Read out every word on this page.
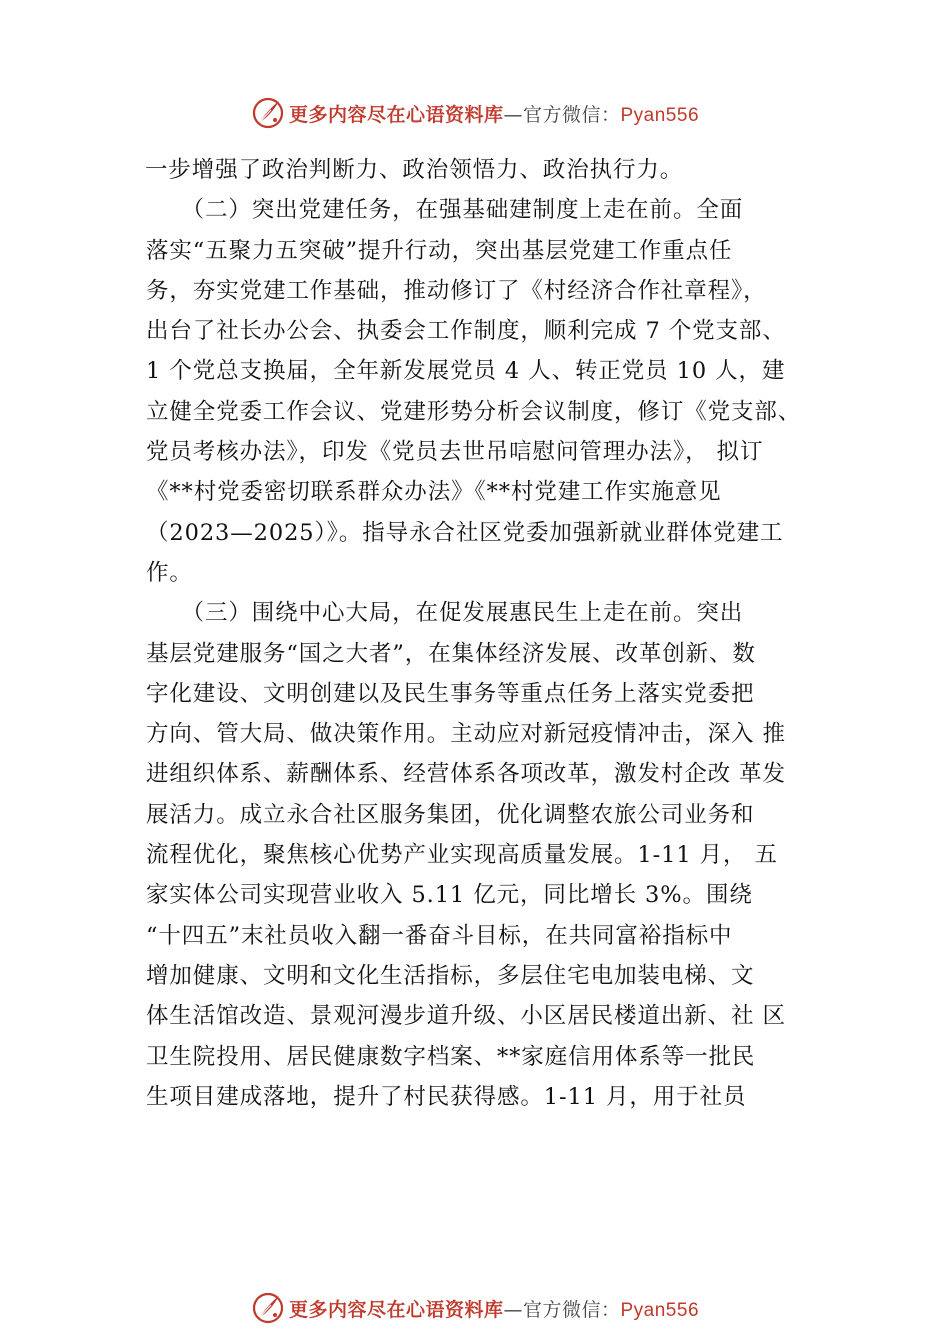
更多内容尽在心语资料库—官方微信：Pyan556
一步增强了政治判断力、政治领悟力、政治执行力。
　　（二）突出党建任务，在强基础建制度上走在前。全面
落实“五聚力五突破”提升行动，突出基层党建工作重点任
务，夯实党建工作基础，推动修订了《村经济合作社章程》，
出台了社长办公会、执委会工作制度，顺利完成 7 个党支部、
1 个党总支换届，全年新发展党员 4 人、转正党员 10 人，建
立健全党委工作会议、党建形势分析会议制度，修订《党支部、
党员考核办法》，印发《党员去世吊唁慰问管理办法》， 拟订
《**村党委密切联系群众办法》《**村党建工作实施意见
（2023—2025）》。指导永合社区党委加强新就业群体党建工
作。
　　（三）围绕中心大局，在促发展惠民生上走在前。突出
基层党建服务“国之大者”，在集体经济发展、改革创新、数
字化建设、文明创建以及民生事务等重点任务上落实党委把
方向、管大局、做决策作用。主动应对新冠疫情冲击，深入 推
进组织体系、薪酬体系、经营体系各项改革，激发村企改 革发
展活力。成立永合社区服务集团，优化调整农旅公司业务和
流程优化，聚焦核心优势产业实现高质量发展。1-11 月， 五
家实体公司实现营业收入 5.11 亿元，同比增长 3%。围绕
“十四五”末社员收入翻一番奋斗目标，在共同富裕指标中
增加健康、文明和文化生活指标，多层住宅电加装电梯、文
体生活馆改造、景观河漫步道升级、小区居民楼道出新、社 区
卫生院投用、居民健康数字档案、**家庭信用体系等一批民
生项目建成落地，提升了村民获得感。1-11 月，用于社员
更多内容尽在心语资料库—官方微信：Pyan556
